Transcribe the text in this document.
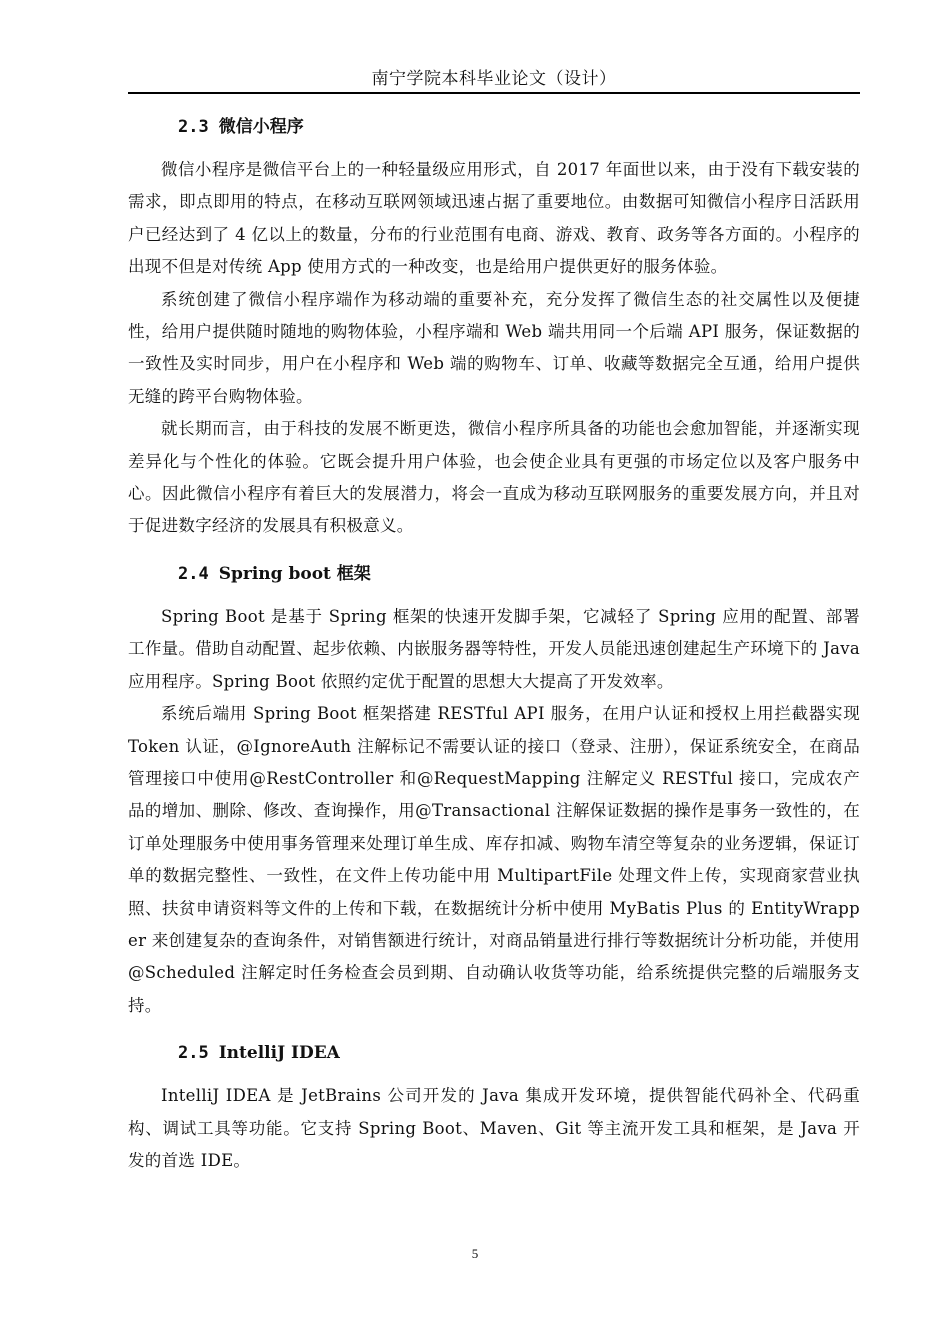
南宁学院本科毕业论文（设计）
2.3 微信小程序

微信小程序是微信平台上的一种轻量级应用形式，自 2017 年面世以来，由于没有下载安装的需求，即点即用的特点，在移动互联网领域迅速占据了重要地位。由数据可知微信小程序日活跃用户已经达到了 4 亿以上的数量，分布的行业范围有电商、游戏、教育、政务等各方面的。小程序的出现不但是对传统 App 使用方式的一种改变，也是给用户提供更好的服务体验。

系统创建了微信小程序端作为移动端的重要补充，充分发挥了微信生态的社交属性以及便捷性，给用户提供随时随地的购物体验，小程序端和 Web 端共用同一个后端 API 服务，保证数据的一致性及实时同步，用户在小程序和 Web 端的购物车、订单、收藏等数据完全互通，给用户提供无缝的跨平台购物体验。

就长期而言，由于科技的发展不断更迭，微信小程序所具备的功能也会愈加智能，并逐渐实现差异化与个性化的体验。它既会提升用户体验，也会使企业具有更强的市场定位以及客户服务中心。因此微信小程序有着巨大的发展潜力，将会一直成为移动互联网服务的重要发展方向，并且对于促进数字经济的发展具有积极意义。

2.4 Spring boot 框架

Spring Boot 是基于 Spring 框架的快速开发脚手架，它减轻了 Spring 应用的配置、部署工作量。借助自动配置、起步依赖、内嵌服务器等特性，开发人员能迅速创建起生产环境下的 Java 应用程序。Spring Boot 依照约定优于配置的思想大大提高了开发效率。

系统后端用 Spring Boot 框架搭建 RESTful API 服务，在用户认证和授权上用拦截器实现 Token 认证，@IgnoreAuth 注解标记不需要认证的接口（登录、注册），保证系统安全，在商品管理接口中使用@RestController 和@RequestMapping 注解定义 RESTful 接口，完成农产品的增加、删除、修改、查询操作，用@Transactional 注解保证数据的操作是事务一致性的，在订单处理服务中使用事务管理来处理订单生成、库存扣减、购物车清空等复杂的业务逻辑，保证订单的数据完整性、一致性，在文件上传功能中用 MultipartFile 处理文件上传，实现商家营业执照、扶贫申请资料等文件的上传和下载，在数据统计分析中使用 MyBatis Plus 的 EntityWrapper 来创建复杂的查询条件，对销售额进行统计，对商品销量进行排行等数据统计分析功能，并使用@Scheduled 注解定时任务检查会员到期、自动确认收货等功能，给系统提供完整的后端服务支持。

2.5 IntelliJ IDEA

IntelliJ IDEA 是 JetBrains 公司开发的 Java 集成开发环境，提供智能代码补全、代码重构、调试工具等功能。它支持 Spring Boot、Maven、Git 等主流开发工具和框架，是 Java 开发的首选 IDE。

5
